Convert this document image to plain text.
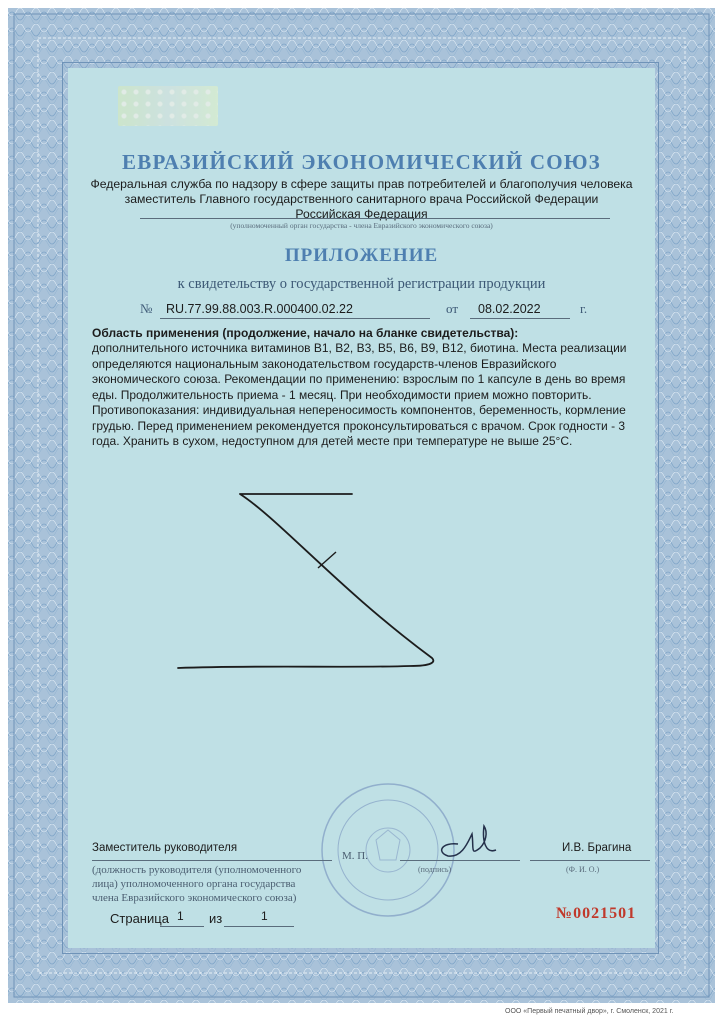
ЕВРАЗИЙСКИЙ ЭКОНОМИЧЕСКИЙ СОЮЗ
Федеральная служба по надзору в сфере защиты прав потребителей и благополучия человека
заместитель Главного государственного санитарного врача Российской Федерации
Российская Федерация
(уполномоченный орган государства - члена Евразийского экономического союза)
ПРИЛОЖЕНИЕ
к свидетельству о государственной регистрации продукции
№ RU.77.99.88.003.R.000400.02.22	от 08.02.2022	г.
Область применения (продолжение, начало на бланке свидетельства):
дополнительного источника витаминов В1, В2, В3, В5, В6, В9, В12, биотина. Места реализации
определяются национальным законодательством государств-членов Евразийского
экономического союза. Рекомендации по применению: взрослым по 1 капсуле в день во время
еды. Продолжительность приема - 1 месяц. При необходимости прием можно повторить.
Противопоказания: индивидуальная непереносимость компонентов, беременность, кормление
грудью. Перед применением рекомендуется проконсультироваться с врачом. Срок годности - 3
года. Хранить в сухом, недоступном для детей месте при температуре не выше 25°С.
Заместитель руководителя
М. П.
(подпись)
И.В. Брагина
(Ф. И. О.)
(должность руководителя (уполномоченного
лица) уполномоченного органа государства
члена Евразийского экономического союза)
Страница 1 из	1	№0021501
ООО «Первый печатный двор», г. Смоленск, 2021 г.
